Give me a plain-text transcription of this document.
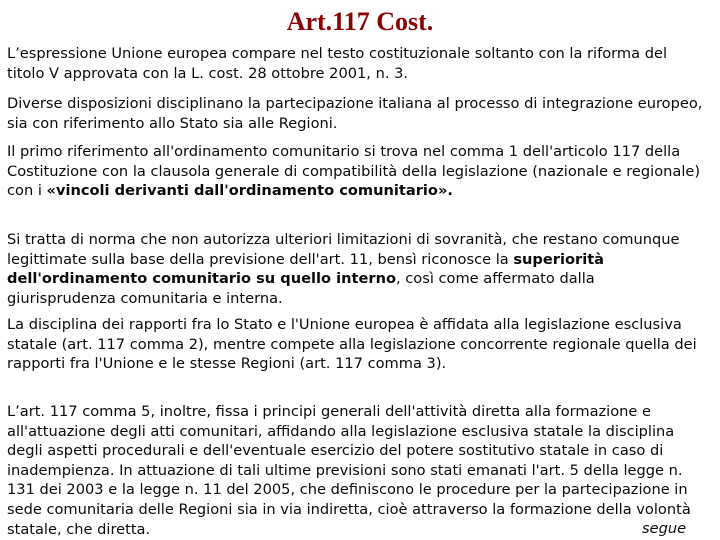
Art.117 Cost.

L’espressione Unione europea compare nel testo costituzionale soltanto con la riforma del titolo V approvata con la L. cost. 28 ottobre 2001, n. 3.

Diverse disposizioni disciplinano la partecipazione italiana al processo di integrazione europeo, sia con riferimento allo Stato sia alle Regioni.

Il primo riferimento all'ordinamento comunitario si trova nel comma 1 dell'articolo 117 della Costituzione con la clausola generale di compatibilità della legislazione (nazionale e regionale) con i «vincoli derivanti dall'ordinamento comunitario».

Si tratta di norma che non autorizza ulteriori limitazioni di sovranità, che restano comunque legittimate sulla base della previsione dell'art. 11, bensì riconosce la superiorità dell'ordinamento comunitario su quello interno, così come affermato dalla giurisprudenza comunitaria e interna.

La disciplina dei rapporti fra lo Stato e l'Unione europea è affidata alla legislazione esclusiva statale (art. 117 comma 2), mentre compete alla legislazione concorrente regionale quella dei rapporti fra l'Unione e le stesse Regioni (art. 117 comma 3).

L’art. 117 comma 5, inoltre, fissa i principi generali dell'attività diretta alla formazione e all'attuazione degli atti comunitari, affidando alla legislazione esclusiva statale la disciplina degli aspetti procedurali e dell'eventuale esercizio del potere sostitutivo statale in caso di inadempienza. In attuazione di tali ultime previsioni sono stati emanati l'art. 5 della legge n. 131 dei 2003 e la legge n. 11 del 2005, che definiscono le procedure per la partecipazione in sede comunitaria delle Regioni sia in via indiretta, cioè attraverso la formazione della volontà statale, che diretta.	segue
